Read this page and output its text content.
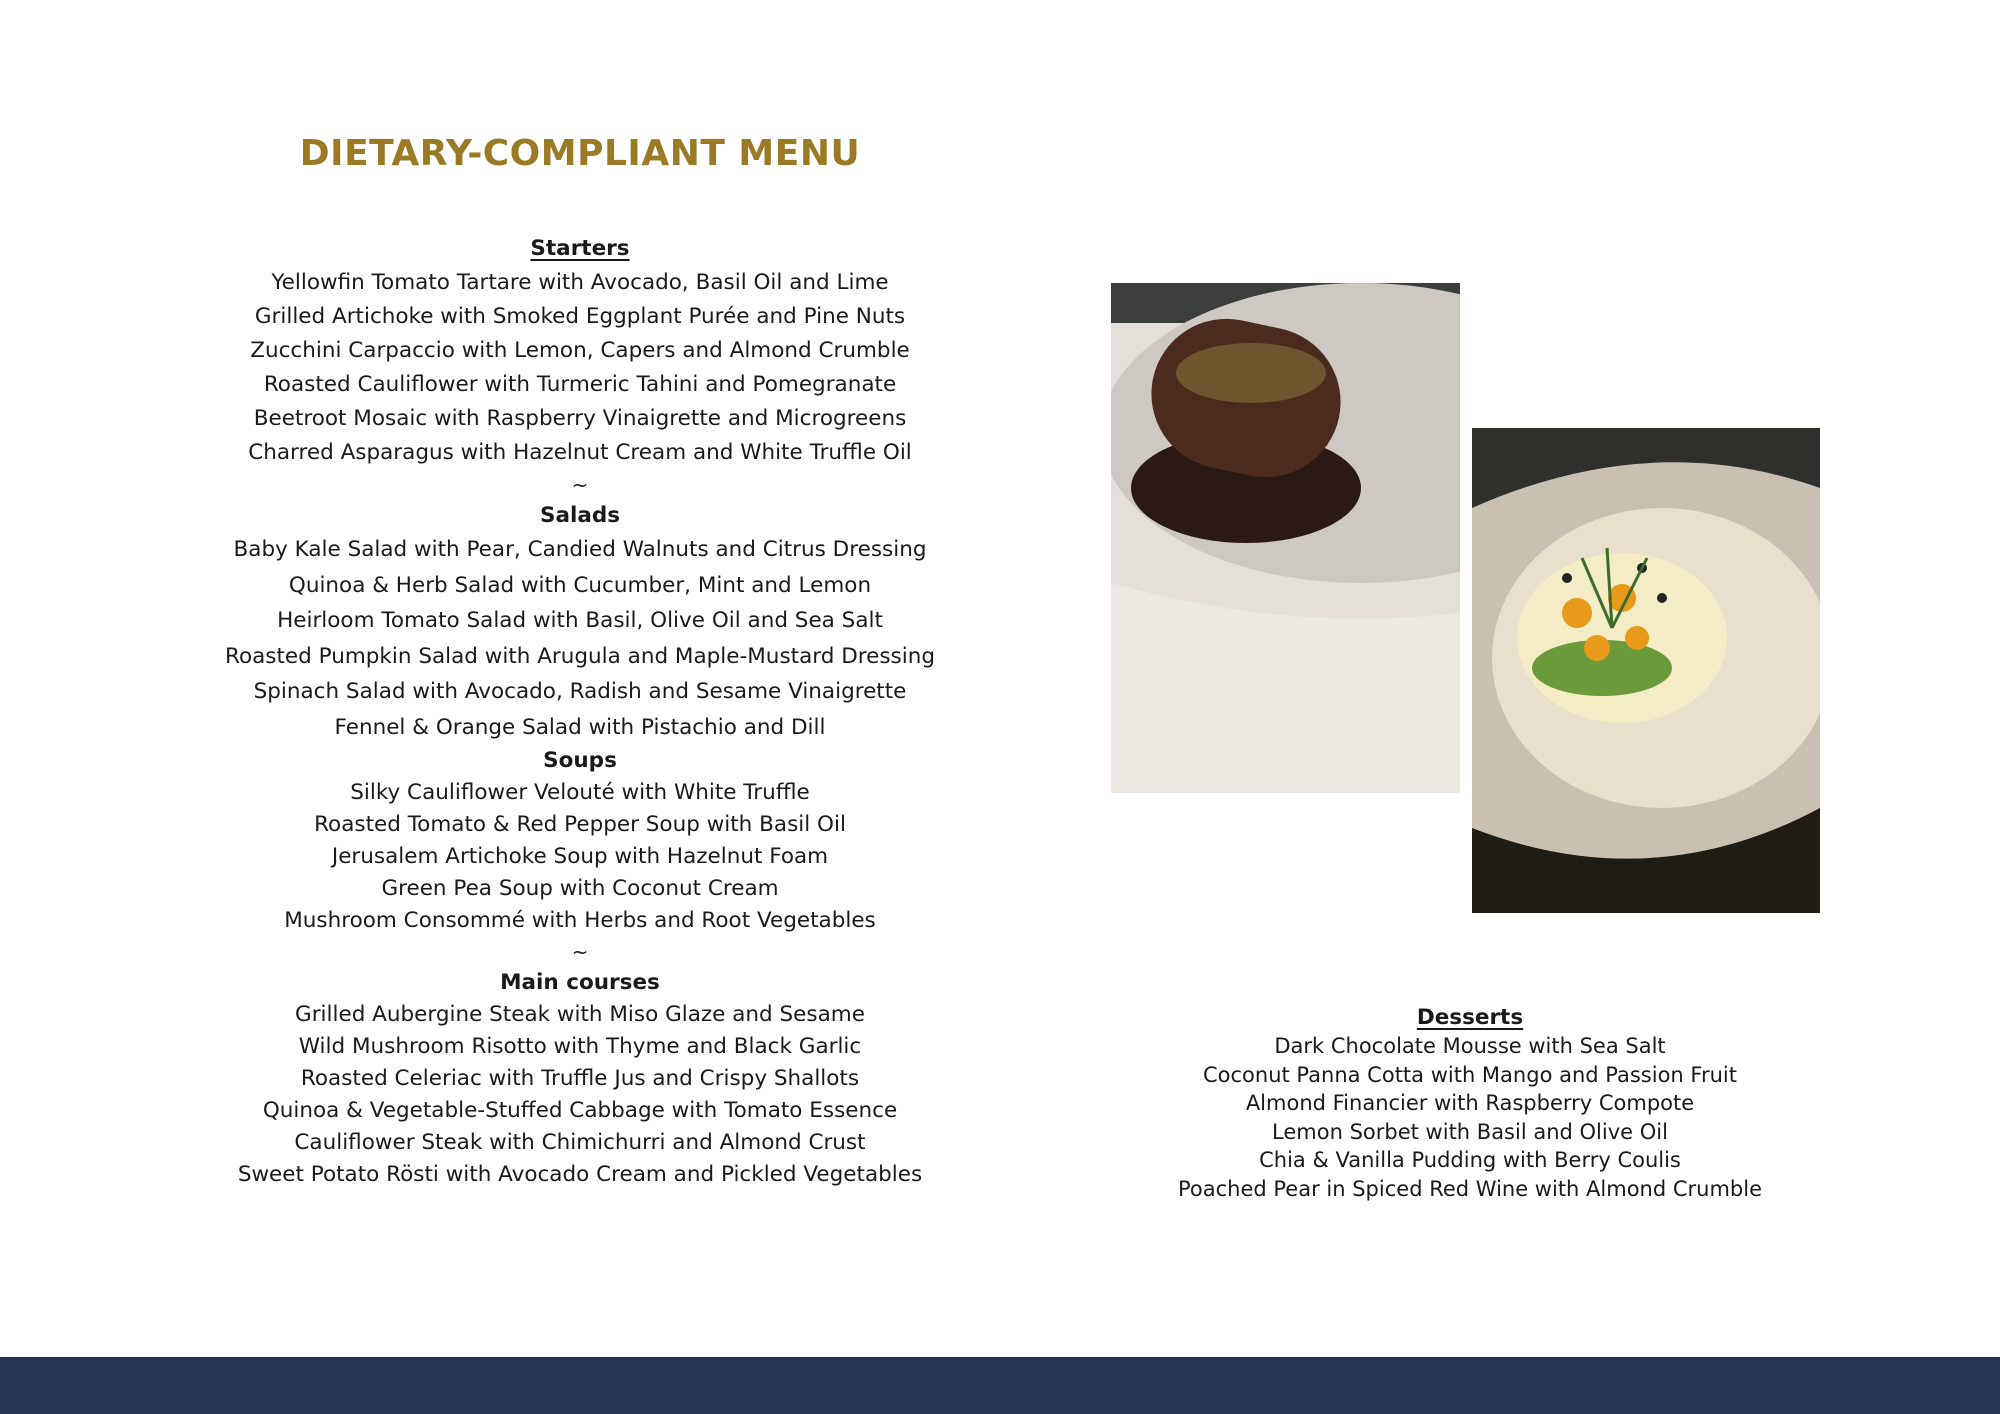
DIETARY-COMPLIANT MENU
Starters
Yellowfin Tomato Tartare with Avocado, Basil Oil and Lime
Grilled Artichoke with Smoked Eggplant Purée and Pine Nuts
Zucchini Carpaccio with Lemon, Capers and Almond Crumble
Roasted Cauliflower with Turmeric Tahini and Pomegranate
Beetroot Mosaic with Raspberry Vinaigrette and Microgreens
Charred Asparagus with Hazelnut Cream and White Truffle Oil
~
Salads
Baby Kale Salad with Pear, Candied Walnuts and Citrus Dressing
Quinoa & Herb Salad with Cucumber, Mint and Lemon
Heirloom Tomato Salad with Basil, Olive Oil and Sea Salt
Roasted Pumpkin Salad with Arugula and Maple-Mustard Dressing
Spinach Salad with Avocado, Radish and Sesame Vinaigrette
Fennel & Orange Salad with Pistachio and Dill
Soups
Silky Cauliflower Velouté with White Truffle
Roasted Tomato & Red Pepper Soup with Basil Oil
Jerusalem Artichoke Soup with Hazelnut Foam
Green Pea Soup with Coconut Cream
Mushroom Consommé with Herbs and Root Vegetables
~
Main courses
Grilled Aubergine Steak with Miso Glaze and Sesame
Wild Mushroom Risotto with Thyme and Black Garlic
Roasted Celeriac with Truffle Jus and Crispy Shallots
Quinoa & Vegetable-Stuffed Cabbage with Tomato Essence
Cauliflower Steak with Chimichurri and Almond Crust
Sweet Potato Rösti with Avocado Cream and Pickled Vegetables
Desserts
Dark Chocolate Mousse with Sea Salt
Coconut Panna Cotta with Mango and Passion Fruit
Almond Financier with Raspberry Compote
Lemon Sorbet with Basil and Olive Oil
Chia & Vanilla Pudding with Berry Coulis
Poached Pear in Spiced Red Wine with Almond Crumble
